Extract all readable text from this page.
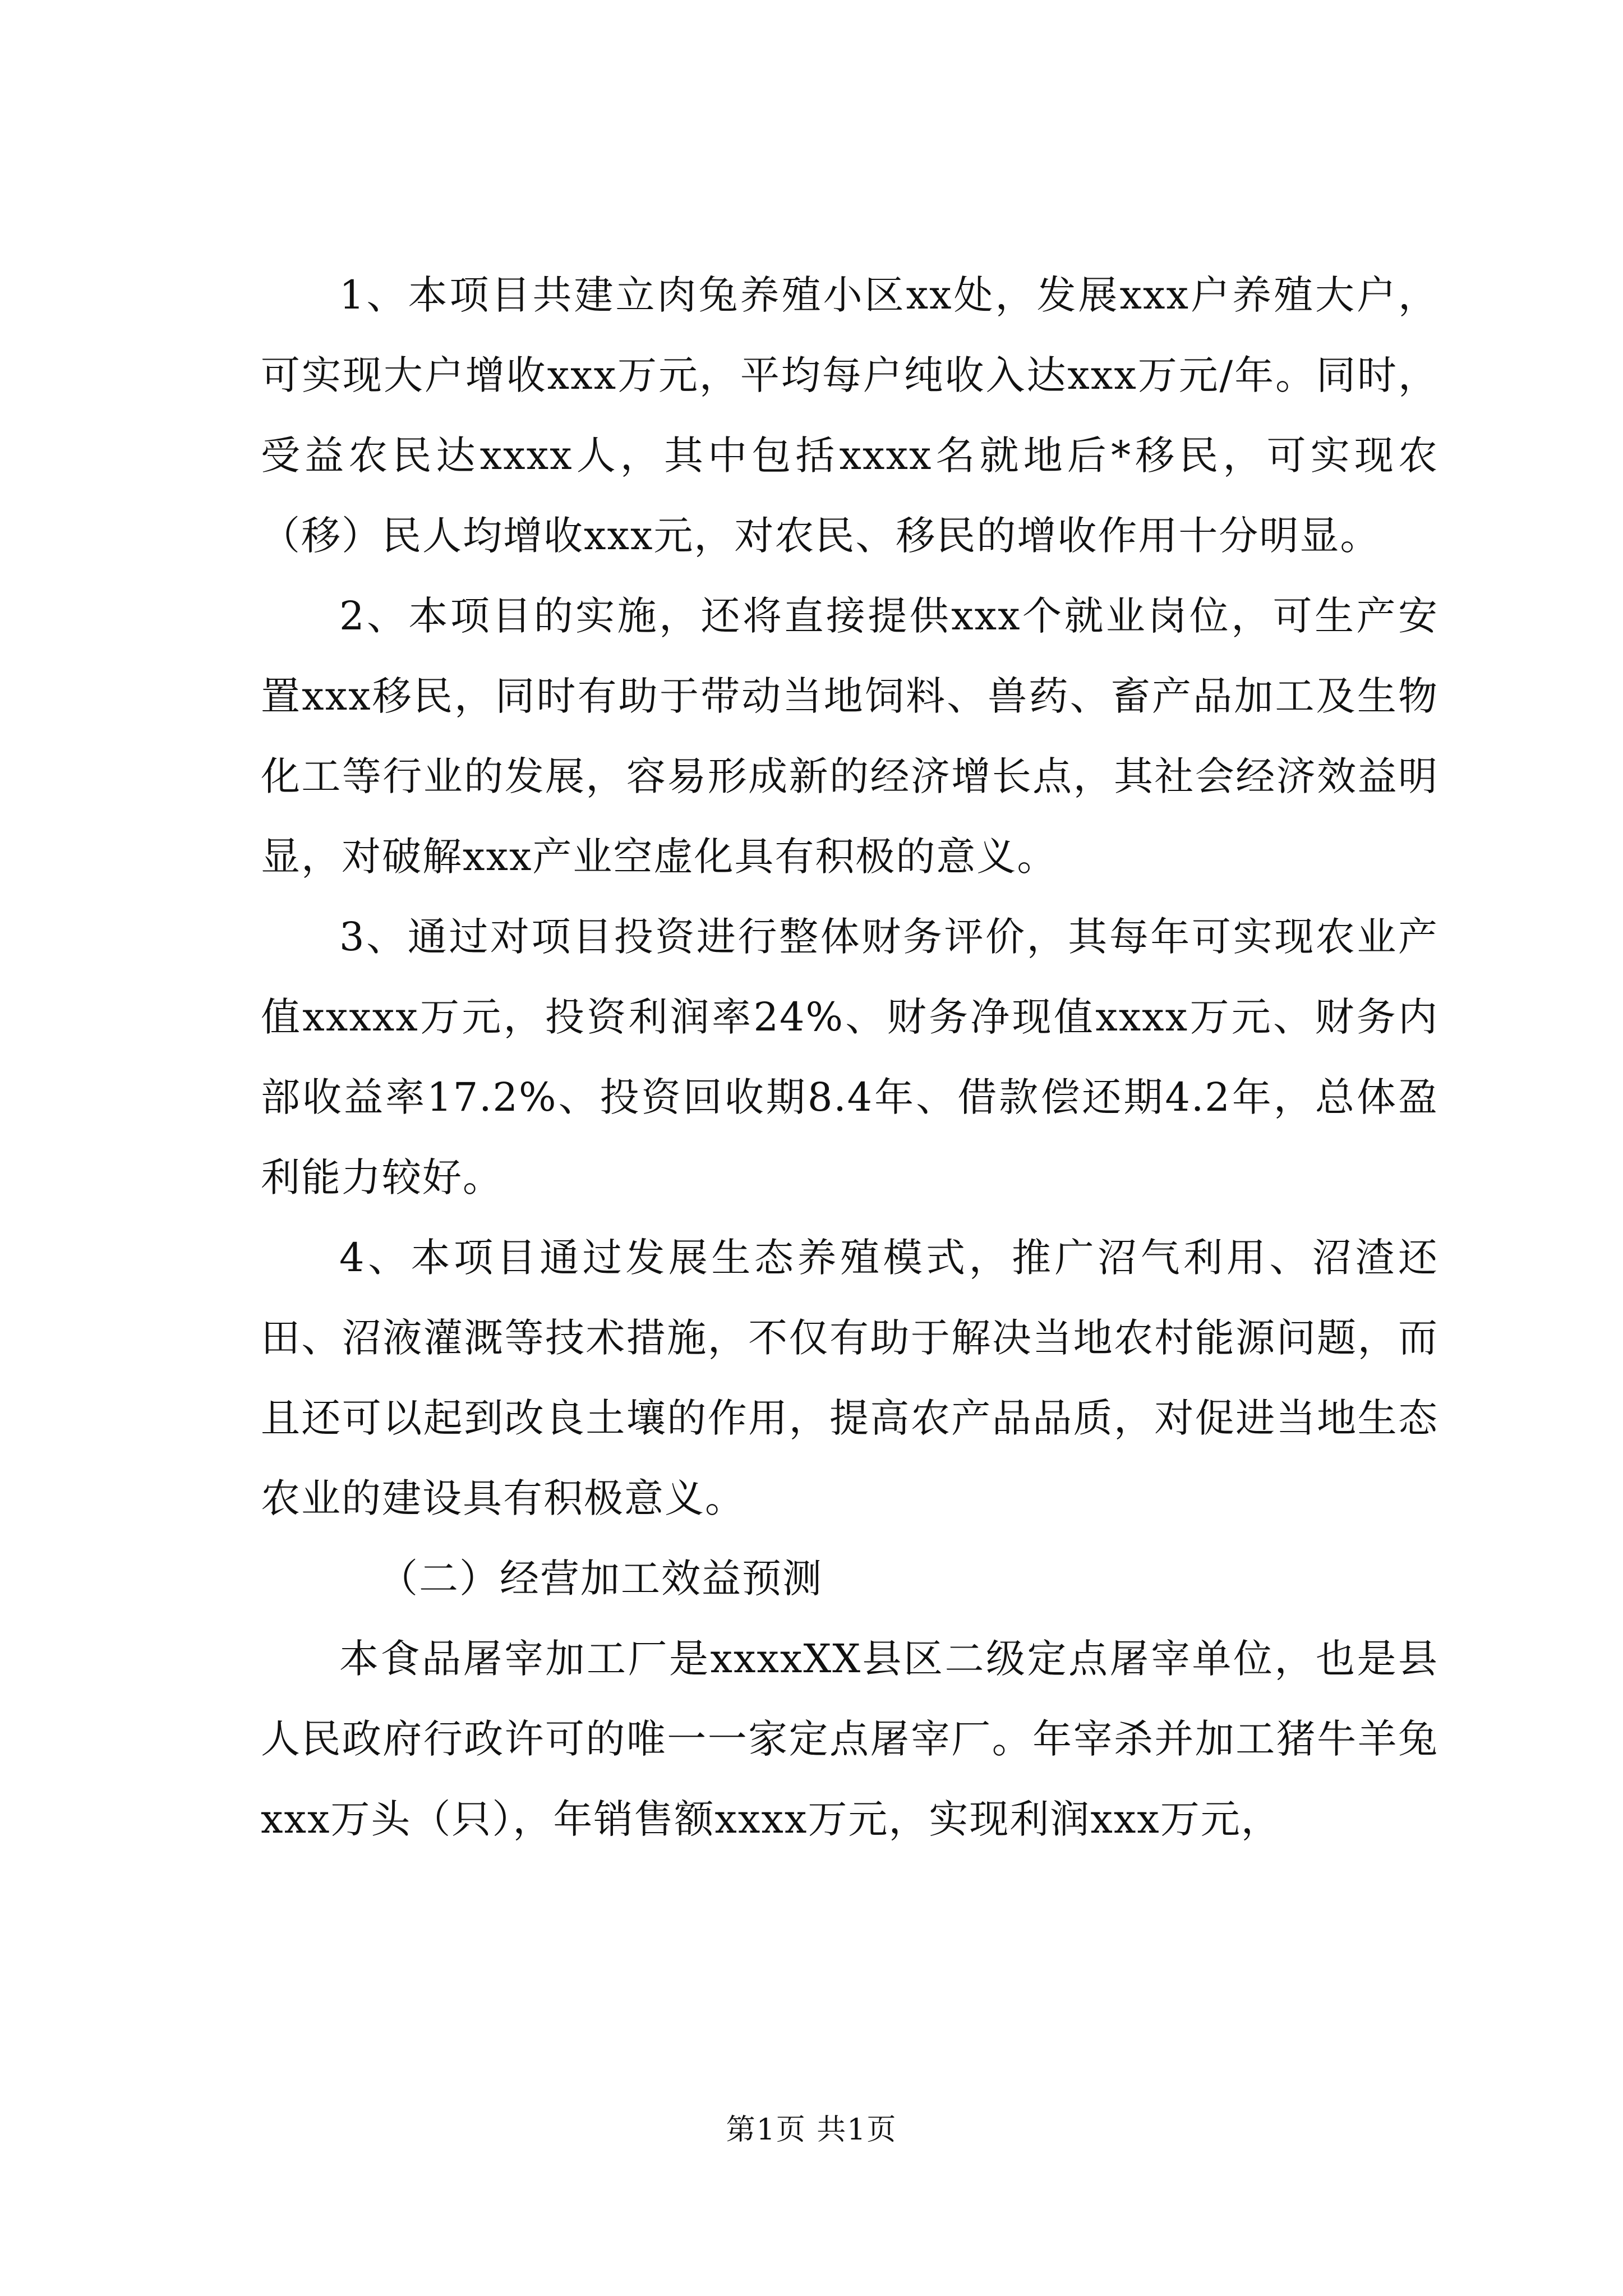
1、本项目共建立肉兔养殖小区xx处，发展xxx户养殖大户，可实现大户增收xxx万元，平均每户纯收入达xxx万元/年。同时，受益农民达xxxx人，其中包括xxxx名就地后*移民，可实现农（移）民人均增收xxx元，对农民、移民的增收作用十分明显。

2、本项目的实施，还将直接提供xxx个就业岗位，可生产安置xxx移民，同时有助于带动当地饲料、兽药、畜产品加工及生物化工等行业的发展，容易形成新的经济增长点，其社会经济效益明显，对破解xxx产业空虚化具有积极的意义。

3、通过对项目投资进行整体财务评价，其每年可实现农业产值xxxxx万元，投资利润率24%、财务净现值xxxx万元、财务内部收益率17.2%、投资回收期8.4年、借款偿还期4.2年，总体盈利能力较好。

4、本项目通过发展生态养殖模式，推广沼气利用、沼渣还田、沼液灌溉等技术措施，不仅有助于解决当地农村能源问题，而且还可以起到改良土壤的作用，提高农产品品质，对促进当地生态农业的建设具有积极意义。

（二）经营加工效益预测

本食品屠宰加工厂是xxxxXX县区二级定点屠宰单位，也是县人民政府行政许可的唯一一家定点屠宰厂。年宰杀并加工猪牛羊兔xxx万头（只），年销售额xxxx万元，实现利润xxx万元，

第1页 共1页
